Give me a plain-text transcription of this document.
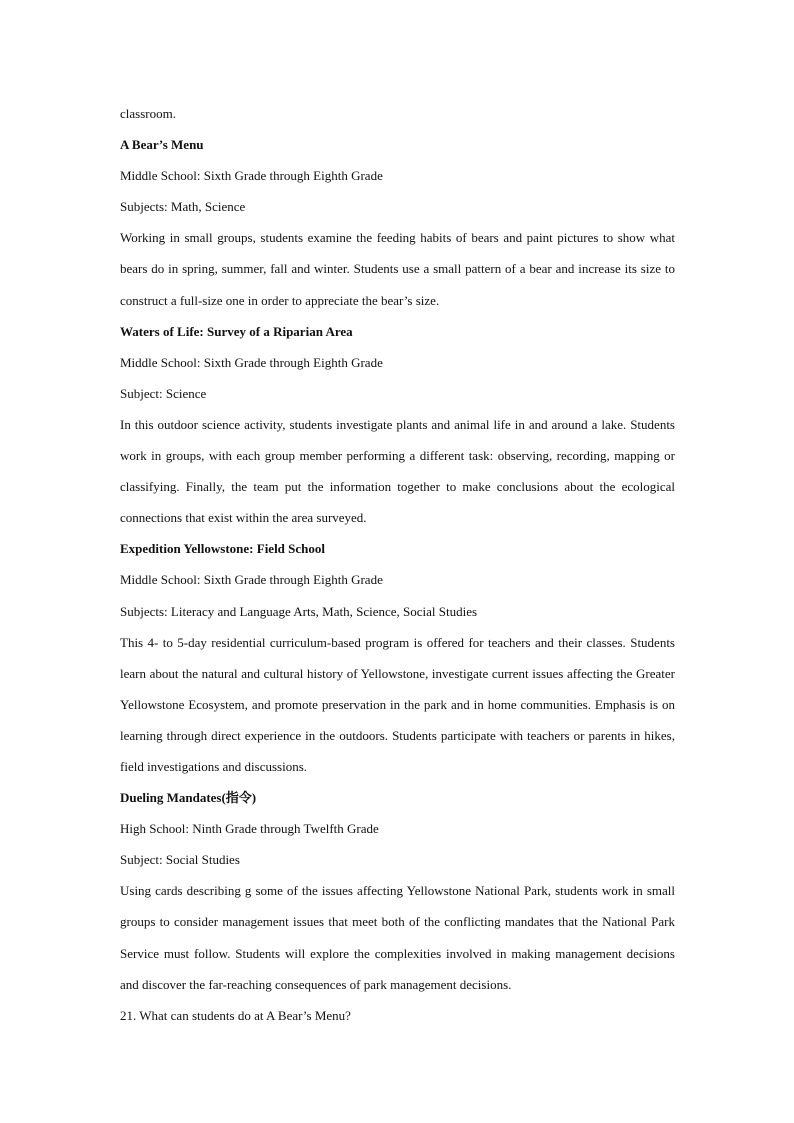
classroom.

A Bear’s Menu

Middle School: Sixth Grade through Eighth Grade

Subjects: Math, Science

Working in small groups, students examine the feeding habits of bears and paint pictures to show what bears do in spring, summer, fall and winter. Students use a small pattern of a bear and increase its size to construct a full-size one in order to appreciate the bear’s size.

Waters of Life: Survey of a Riparian Area

Middle School: Sixth Grade through Eighth Grade

Subject: Science

In this outdoor science activity, students investigate plants and animal life in and around a lake. Students work in groups, with each group member performing a different task: observing, recording, mapping or classifying. Finally, the team put the information together to make conclusions about the ecological connections that exist within the area surveyed.

Expedition Yellowstone: Field School

Middle School: Sixth Grade through Eighth Grade

Subjects: Literacy and Language Arts, Math, Science, Social Studies

This 4- to 5-day residential curriculum-based program is offered for teachers and their classes. Students learn about the natural and cultural history of Yellowstone, investigate current issues affecting the Greater Yellowstone Ecosystem, and promote preservation in the park and in home communities. Emphasis is on learning through direct experience in the outdoors. Students participate with teachers or parents in hikes, field investigations and discussions.

Dueling Mandates(指令)

High School: Ninth Grade through Twelfth Grade

Subject: Social Studies

Using cards describing g some of the issues affecting Yellowstone National Park, students work in small groups to consider management issues that meet both of the conflicting mandates that the National Park Service must follow. Students will explore the complexities involved in making management decisions and discover the far-reaching consequences of park management decisions.

21. What can students do at A Bear’s Menu?
